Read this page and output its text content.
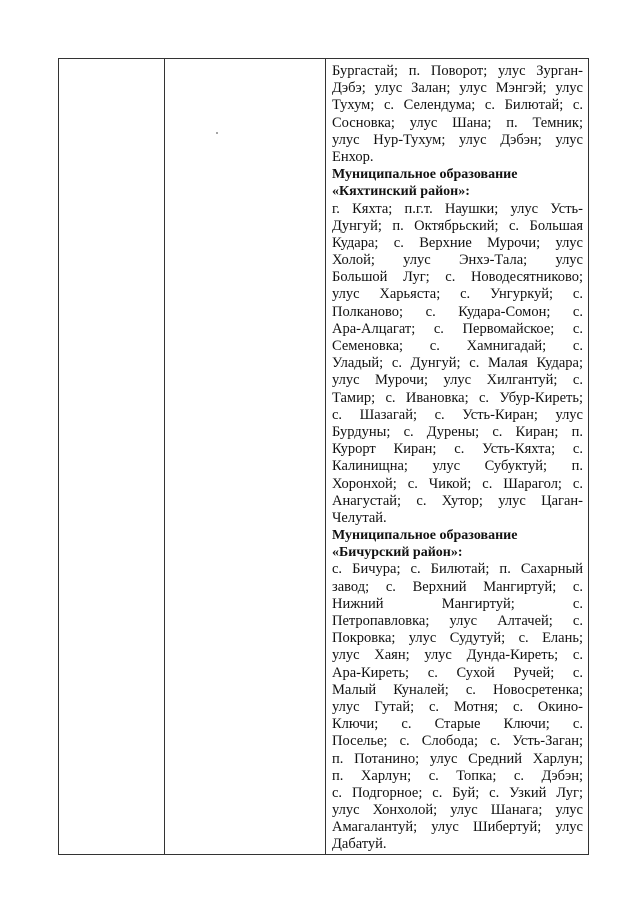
Бургастай; п. Поворот; улус Зурган-
Дэбэ; улус Залан; улус Мэнгэй; улус
Тухум; с. Селендума; с. Билютай; с.
Сосновка; улус Шана; п. Темник;
улус Нур-Тухум; улус Дэбэн; улус
Енхор.
Муниципальное образование
«Кяхтинский район»:
г. Кяхта; п.г.т. Наушки; улус Усть-
Дунгуй; п. Октябрьский; с. Большая
Кудара; с. Верхние Мурочи; улус
Холой; улус Энхэ-Тала; улус
Большой Луг; с. Новодесятниково;
улус Харьяста; с. Унгуркуй; с.
Полканово; с. Кудара-Сомон; с.
Ара-Алцагат; с. Первомайское; с.
Семеновка; с. Хамнигадай; с.
Уладый; с. Дунгуй; с. Малая Кудара;
улус Мурочи; улус Хилгантуй; с.
Тамир; с. Ивановка; с. Убур-Киреть;
с. Шазагай; с. Усть-Киран; улус
Бурдуны; с. Дурены; с. Киран; п.
Курорт Киран; с. Усть-Кяхта; с.
Калинищна; улус Субуктуй; п.
Хоронхой; с. Чикой; с. Шарагол; с.
Анагустай; с. Хутор; улус Цаган-
Челутай.
Муниципальное образование
«Бичурский район»:
с. Бичура; с. Билютай; п. Сахарный
завод; с. Верхний Мангиртуй; с.
Нижний Мангиртуй; с.
Петропавловка; улус Алтачей; с.
Покровка; улус Судутуй; с. Елань;
улус Хаян; улус Дунда-Киреть; с.
Ара-Киреть; с. Сухой Ручей; с.
Малый Куналей; с. Новосретенка;
улус Гутай; с. Мотня; с. Окино-
Ключи; с. Старые Ключи; с.
Поселье; с. Слобода; с. Усть-Заган;
п. Потанино; улус Средний Харлун;
п. Харлун; с. Топка; с. Дэбэн;
с. Подгорное; с. Буй; с. Узкий Луг;
улус Хонхолой; улус Шанага; улус
Амагалантуй; улус Шибертуй; улус
Дабатуй.
